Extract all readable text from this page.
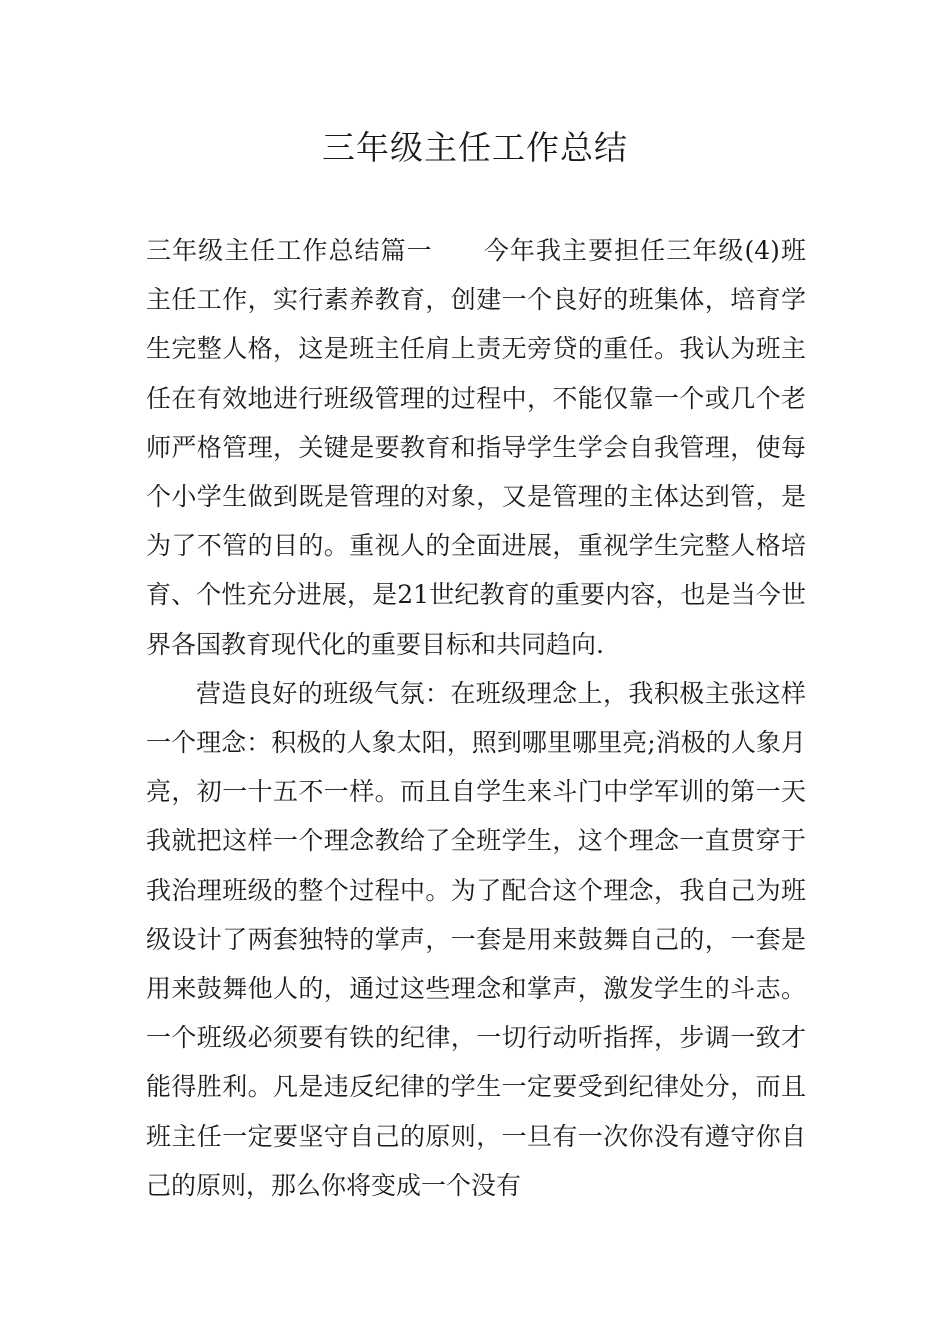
三年级主任工作总结

三年级主任工作总结篇一 今年我主要担任三年级(4)班主任工作，实行素养教育，创建一个良好的班集体，培育学生完整人格，这是班主任肩上责无旁贷的重任。我认为班主任在有效地进行班级管理的过程中，不能仅靠一个或几个老师严格管理，关键是要教育和指导学生学会自我管理，使每个小学生做到既是管理的对象，又是管理的主体达到管，是为了不管的目的。重视人的全面进展，重视学生完整人格培育、个性充分进展，是21世纪教育的重要内容，也是当今世界各国教育现代化的重要目标和共同趋向.

营造良好的班级气氛：在班级理念上，我积极主张这样一个理念：积极的人象太阳，照到哪里哪里亮;消极的人象月亮，初一十五不一样。而且自学生来斗门中学军训的第一天我就把这样一个理念教给了全班学生，这个理念一直贯穿于我治理班级的整个过程中。为了配合这个理念，我自己为班级设计了两套独特的掌声，一套是用来鼓舞自己的，一套是用来鼓舞他人的，通过这些理念和掌声，激发学生的斗志。一个班级必须要有铁的纪律，一切行动听指挥，步调一致才能得胜利。凡是违反纪律的学生一定要受到纪律处分，而且班主任一定要坚守自己的原则，一旦有一次你没有遵守你自己的原则，那么你将变成一个没有
